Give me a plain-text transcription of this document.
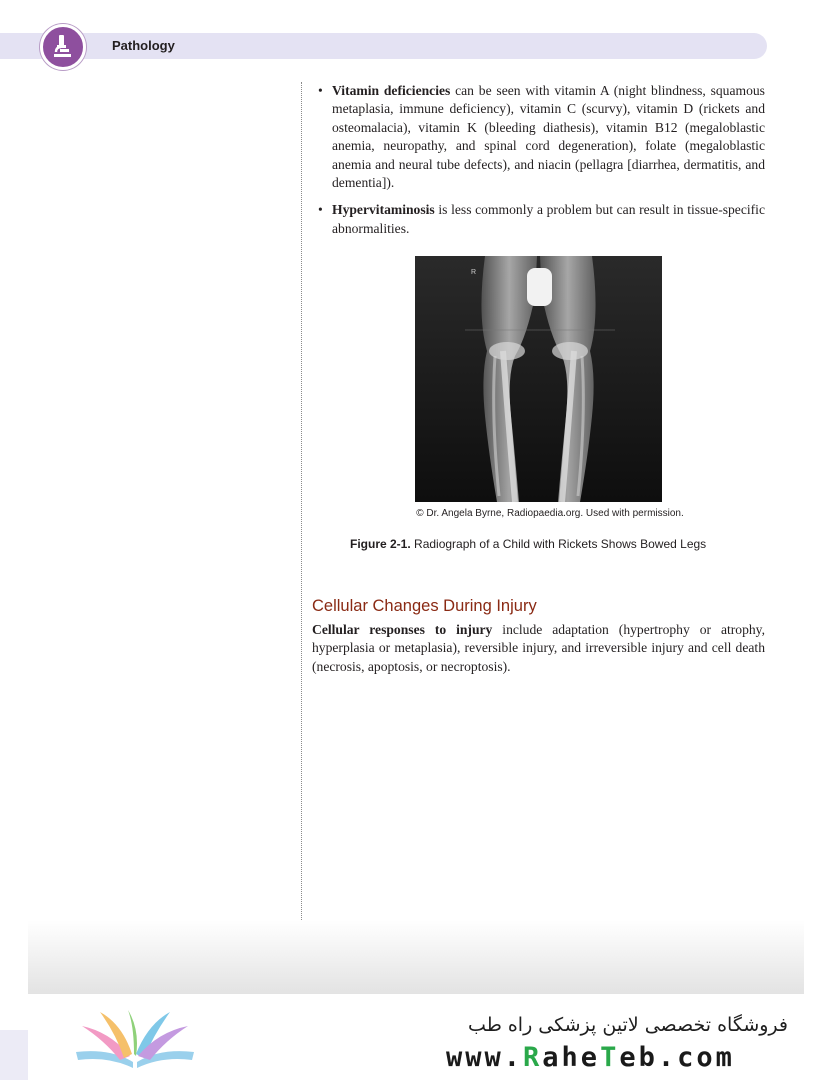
Pathology
• Vitamin deficiencies can be seen with vitamin A (night blindness, squamous metaplasia, immune deficiency), vitamin C (scurvy), vitamin D (rickets and osteomalacia), vitamin K (bleeding diathesis), vitamin B12 (megaloblastic anemia, neuropathy, and spinal cord degeneration), folate (megaloblastic anemia and neural tube defects), and niacin (pellagra [diarrhea, dermatitis, and dementia]).
• Hypervitaminosis is less commonly a problem but can result in tissue-specific abnormalities.
R
© Dr. Angela Byrne, Radiopaedia.org. Used with permission.
Figure 2-1. Radiograph of a Child with Rickets Shows Bowed Legs
Cellular Changes During Injury
Cellular responses to injury include adaptation (hypertrophy or atrophy, hyperplasia or metaplasia), reversible injury, and irreversible injury and cell death (necrosis, apoptosis, or necroptosis).
فروشگاه تخصصی لاتین پزشکی راه طب
www.RaheTeb.com
